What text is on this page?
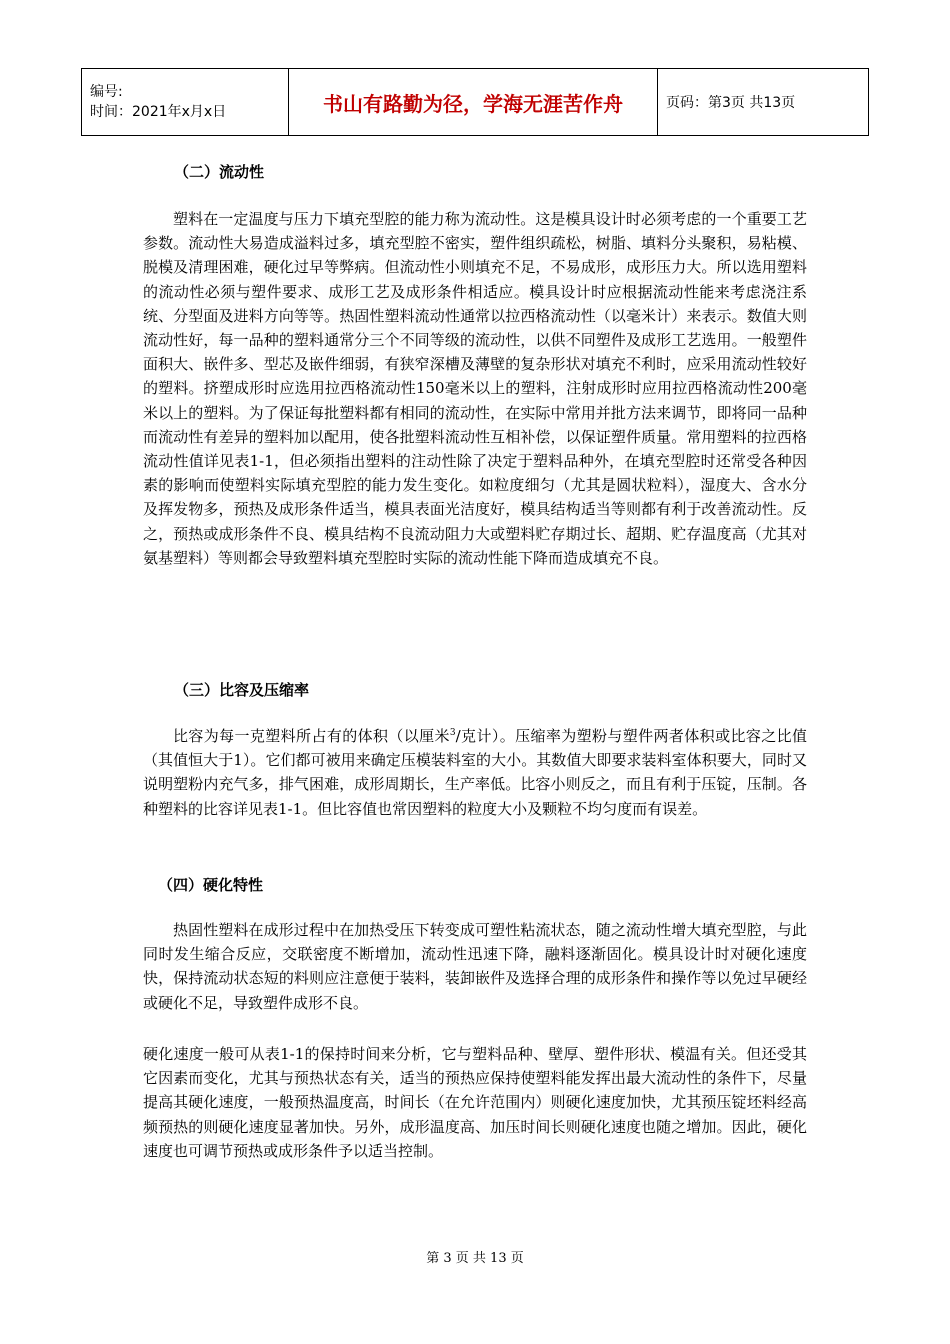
编号:
时间：2021年x月x日	书山有路勤为径，学海无涯苦作舟	页码：第3页 共13页
（二）流动性

塑料在一定温度与压力下填充型腔的能力称为流动性。这是模具设计时必须考虑的一个重要工艺参数。流动性大易造成溢料过多，填充型腔不密实，塑件组织疏松，树脂、填料分头聚积，易粘模、脱模及清理困难，硬化过早等弊病。但流动性小则填充不足，不易成形，成形压力大。所以选用塑料的流动性必须与塑件要求、成形工艺及成形条件相适应。模具设计时应根据流动性能来考虑浇注系统、分型面及进料方向等等。热固性塑料流动性通常以拉西格流动性（以毫米计）来表示。数值大则流动性好，每一品种的塑料通常分三个不同等级的流动性，以供不同塑件及成形工艺选用。一般塑件面积大、嵌件多、型芯及嵌件细弱，有狭窄深槽及薄壁的复杂形状对填充不利时，应采用流动性较好的塑料。挤塑成形时应选用拉西格流动性150毫米以上的塑料，注射成形时应用拉西格流动性200毫米以上的塑料。为了保证每批塑料都有相同的流动性，在实际中常用并批方法来调节，即将同一品种而流动性有差异的塑料加以配用，使各批塑料流动性互相补偿，以保证塑件质量。常用塑料的拉西格流动性值详见表1-1，但必须指出塑料的注动性除了决定于塑料品种外，在填充型腔时还常受各种因素的影响而使塑料实际填充型腔的能力发生变化。如粒度细匀（尤其是圆状粒料），湿度大、含水分及挥发物多，预热及成形条件适当，模具表面光洁度好，模具结构适当等则都有利于改善流动性。反之，预热或成形条件不良、模具结构不良流动阻力大或塑料贮存期过长、超期、贮存温度高（尤其对氨基塑料）等则都会导致塑料填充型腔时实际的流动性能下降而造成填充不良。

（三）比容及压缩率

比容为每一克塑料所占有的体积（以厘米$^3$/克计）。压缩率为塑粉与塑件两者体积或比容之比值（其值恒大于1）。它们都可被用来确定压模装料室的大小。其数值大即要求装料室体积要大，同时又说明塑粉内充气多，排气困难，成形周期长，生产率低。比容小则反之，而且有利于压锭，压制。各种塑料的比容详见表1-1。但比容值也常因塑料的粒度大小及颗粒不均匀度而有误差。

（四）硬化特性

热固性塑料在成形过程中在加热受压下转变成可塑性粘流状态，随之流动性增大填充型腔，与此同时发生缩合反应，交联密度不断增加，流动性迅速下降，融料逐渐固化。模具设计时对硬化速度快，保持流动状态短的料则应注意便于装料，装卸嵌件及选择合理的成形条件和操作等以免过早硬经或硬化不足，导致塑件成形不良。

硬化速度一般可从表1-1的保持时间来分析，它与塑料品种、壁厚、塑件形状、模温有关。但还受其它因素而变化，尤其与预热状态有关，适当的预热应保持使塑料能发挥出最大流动性的条件下，尽量提高其硬化速度，一般预热温度高，时间长（在允许范围内）则硬化速度加快，尤其预压锭坯料经高频预热的则硬化速度显著加快。另外，成形温度高、加压时间长则硬化速度也随之增加。因此，硬化速度也可调节预热或成形条件予以适当控制。

第 3 页 共 13 页
